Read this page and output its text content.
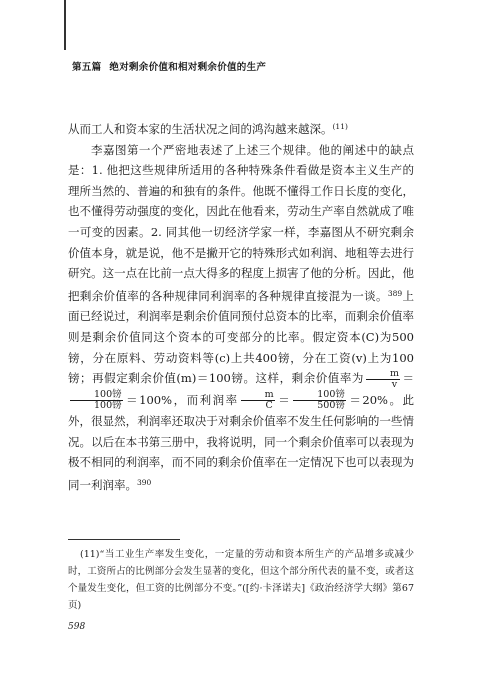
第五篇 绝对剩余价值和相对剩余价值的生产

从而工人和资本家的生活状况之间的鸿沟越来越深。$^{(11)}$

李嘉图第一个严密地表述了上述三个规律。他的阐述中的缺点是：1. 他把这些规律所适用的各种特殊条件看做是资本主义生产的理所当然的、普遍的和独有的条件。他既不懂得工作日长度的变化，也不懂得劳动强度的变化，因此在他看来，劳动生产率自然就成了唯一可变的因素。2. 同其他一切经济学家一样，李嘉图从不研究剩余价值本身，就是说，他不是撇开它的特殊形式如利润、地租等去进行研究。这一点在比前一点大得多的程度上损害了他的分析。因此，他把剩余价值率的各种规律同利润率的各种规律直接混为一谈。$^{389}$上面已经说过，利润率是剩余价值同预付总资本的比率，而剩余价值率则是剩余价值同这个资本的可变部分的比率。假定资本(C)为500镑，分在原料、劳动资料等(c)上共400镑，分在工资(v)上为100镑；再假定剩余价值(m)＝100镑。这样，剩余价值率为 $\frac{m}{v}$ ＝
$\frac{\text{100镑}}{\text{100镑}} =100\%$，而利润率 $\frac{m}{C} = \frac{\text{100镑}}{\text{500镑}} =20\%$。此外，很显然，利润率还取决于对剩余价值率不发生任何影响的一些情况。以后在本书第三册中，我将说明，同一个剩余价值率可以表现为极不相同的利润率，而不同的剩余价值率在一定情况下也可以表现为同一利润率。$^{390}$

(11)“当工业生产率发生变化，一定量的劳动和资本所生产的产品增多或减少时，工资所占的比例部分会发生显著的变化，但这个部分所代表的量不变，或者这个量发生变化，但工资的比例部分不变。”([约·卡泽诺夫]《政治经济学大纲》第67页)

598
